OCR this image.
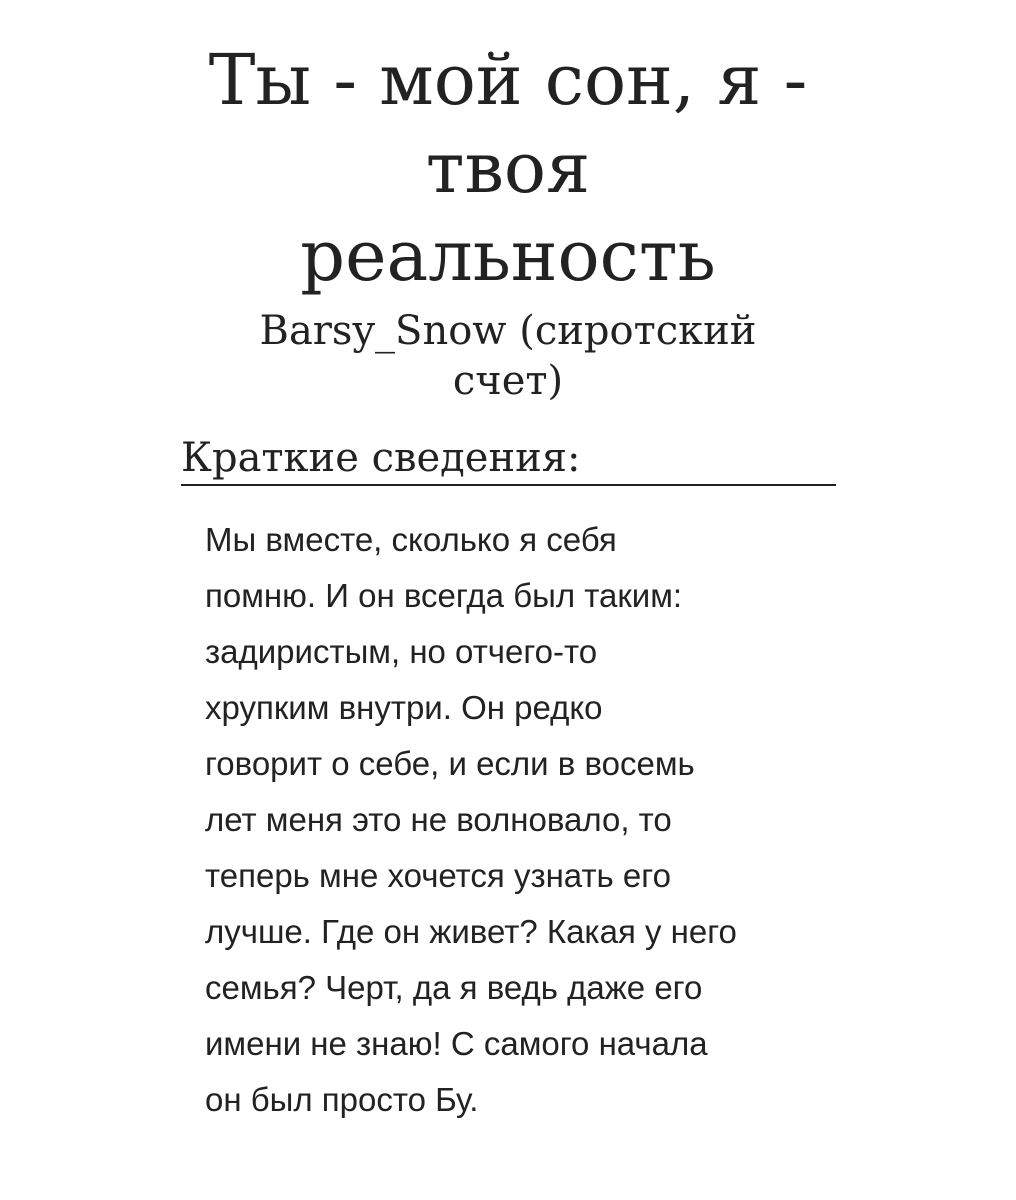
Ты - мой сон, я -
твоя
реальность
Barsy_Snow (сиротский
счет)
Краткие сведения:
Мы вместе, сколько я себя
помню. И он всегда был таким:
задиристым, но отчего-то
хрупким внутри. Он редко
говорит о себе, и если в восемь
лет меня это не волновало, то
теперь мне хочется узнать его
лучше. Где он живет? Какая у него
семья? Черт, да я ведь даже его
имени не знаю! С самого начала
он был просто Бу.
